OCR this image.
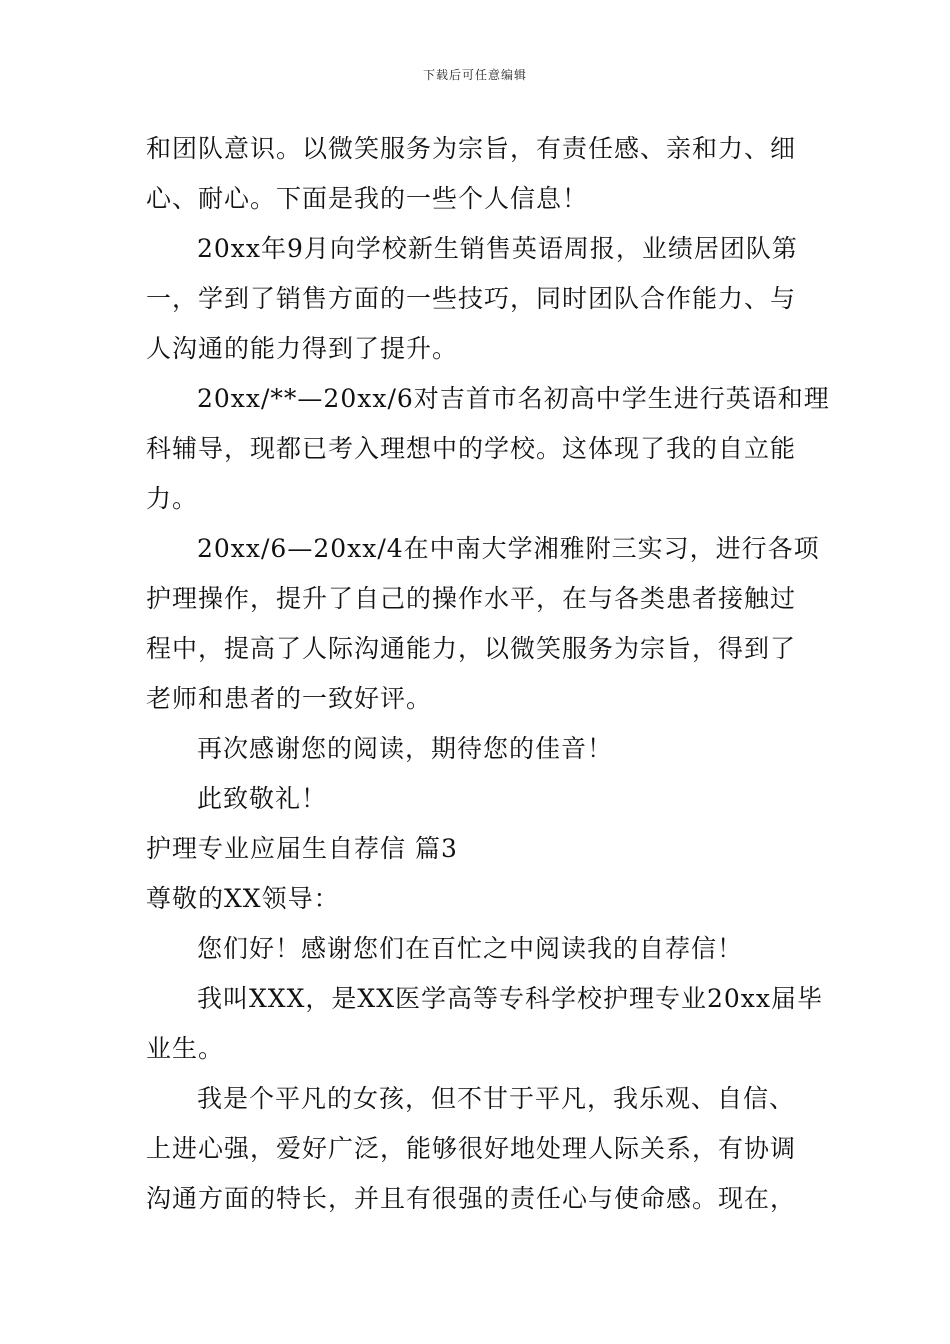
下载后可任意编辑

和团队意识。以微笑服务为宗旨，有责任感、亲和力、细

心、耐心。下面是我的一些个人信息！

20xx年9月向学校新生销售英语周报，业绩居团队第

一，学到了销售方面的一些技巧，同时团队合作能力、与

人沟通的能力得到了提升。

20xx/**—20xx/6对吉首市名初高中学生进行英语和理

科辅导，现都已考入理想中的学校。这体现了我的自立能

力。

20xx/6—20xx/4在中南大学湘雅附三实习，进行各项

护理操作，提升了自己的操作水平，在与各类患者接触过

程中，提高了人际沟通能力，以微笑服务为宗旨，得到了

老师和患者的一致好评。

再次感谢您的阅读，期待您的佳音！

此致敬礼！

护理专业应届生自荐信 篇3

尊敬的XX领导：

您们好！感谢您们在百忙之中阅读我的自荐信！

我叫XXX，是XX医学高等专科学校护理专业20xx届毕

业生。

我是个平凡的女孩，但不甘于平凡，我乐观、自信、

上进心强，爱好广泛，能够很好地处理人际关系，有协调

沟通方面的特长，并且有很强的责任心与使命感。现在，
